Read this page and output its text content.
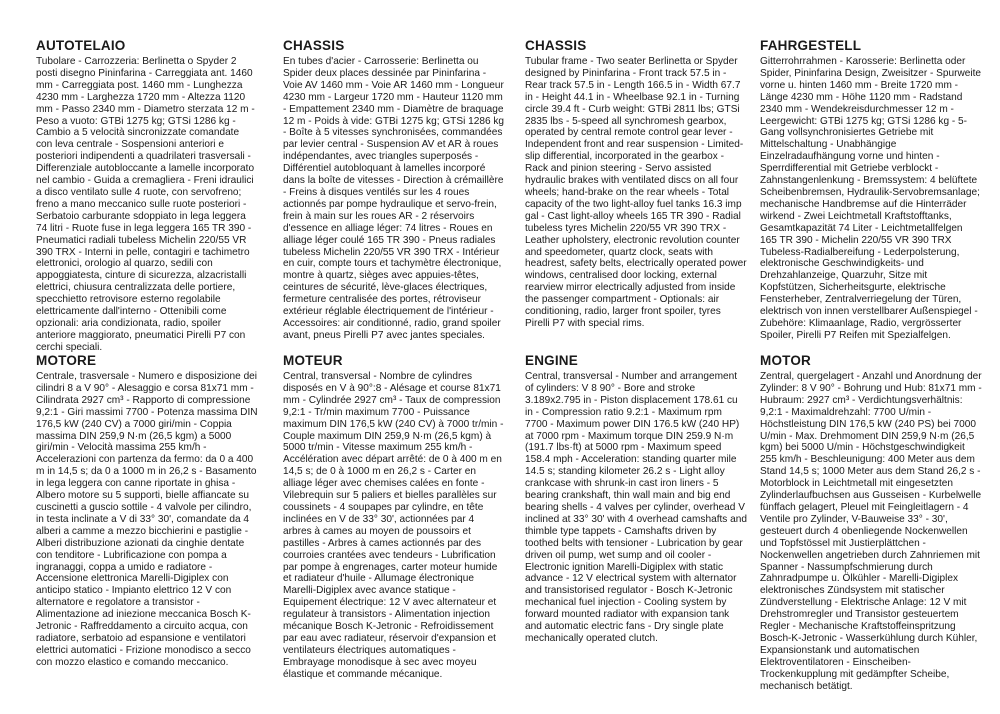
AUTOTELAIO

Tubolare - Carrozzeria: Berlinetta o Spyder 2 posti disegno Pininfarina - Carreggiata ant. 1460 mm - Carreggiata post. 1460 mm - Lunghezza 4230 mm - Larghezza 1720 mm - Altezza 1120 mm - Passo 2340 mm - Diametro sterzata 12 m - Peso a vuoto: GTBi 1275 kg; GTSi 1286 kg - Cambio a 5 velocità sincronizzate comandate con leva centrale - Sospensioni anteriori e posteriori indipendenti a quadrilateri trasversali - Differenziale autobloccante a lamelle incorporato nel cambio - Guida a cremagliera - Freni idraulici a disco ventilato sulle 4 ruote, con servofreno; freno a mano meccanico sulle ruote posteriori - Serbatoio carburante sdoppiato in lega leggera 74 litri - Ruote fuse in lega leggera 165 TR 390 - Pneumatici radiali tubeless Michelin 220/55 VR 390 TRX - Interni in pelle, contagiri e tachimetro elettronici, orologio al quarzo, sedili con appoggiatesta, cinture di sicurezza, alzacristalli elettrici, chiusura centralizzata delle portiere, specchietto retrovisore esterno regolabile elettricamente dall'interno - Ottenibili come opzionali: aria condizionata, radio, spoiler anteriore maggiorato, pneumatici Pirelli P7 con cerchi speciali.

CHASSIS

En tubes d'acier - Carrosserie: Berlinetta ou Spider deux places dessinée par Pininfarina - Voie AV 1460 mm - Voie AR 1460 mm - Longueur 4230 mm - Largeur 1720 mm - Hauteur 1120 mm - Empattement 2340 mm - Diamètre de braquage 12 m - Poids à vide: GTBi 1275 kg; GTSi 1286 kg - Boîte à 5 vitesses synchronisées, commandées par levier central - Suspension AV et AR à roues indépendantes, avec triangles superposés - Différentiel autobloquant à lamelles incorporé dans la boîte de vitesses - Direction à crémaillère - Freins à disques ventilés sur les 4 roues actionnés par pompe hydraulique et servo-frein, frein à main sur les roues AR - 2 réservoirs d'essence en alliage léger: 74 litres - Roues en alliage léger coulé 165 TR 390 - Pneus radiales tubeless Michelin 220/55 VR 390 TRX - Intérieur en cuir, compte tours et tachymètre électronique, montre à quartz, sièges avec appuies-têtes, ceintures de sécurité, lève-glaces électriques, fermeture centralisée des portes, rétroviseur extérieur réglable électriquement de l'intérieur - Accessoires: air conditionné, radio, grand spoiler avant, pneus Pirelli P7 avec jantes speciales.

CHASSIS

Tubular frame - Two seater Berlinetta or Spyder designed by Pininfarina - Front track 57.5 in - Rear track 57.5 in - Length 166.5 in - Width 67.7 in - Height 44.1 in - Wheelbase 92.1 in - Turning circle 39.4 ft - Curb weight: GTBi 2811 lbs; GTSi 2835 lbs - 5-speed all synchromesh gearbox, operated by central remote control gear lever - Independent front and rear suspension - Limited-slip differential, incorporated in the gearbox - Rack and pinion steering - Servo assisted hydraulic brakes with ventilated discs on all four wheels; hand-brake on the rear wheels - Total capacity of the two light-alloy fuel tanks 16.3 imp gal - Cast light-alloy wheels 165 TR 390 - Radial tubeless tyres Michelin 220/55 VR 390 TRX - Leather upholstery, electronic revolution counter and speedometer, quartz clock, seats with headrest, safety belts, electrically operated power windows, centralised door locking, external rearview mirror electrically adjusted from inside the passenger compartment - Optionals: air conditioning, radio, larger front spoiler, tyres Pirelli P7 with special rims.

FAHRGESTELL

Gitterrohrrahmen - Karosserie: Berlinetta oder Spider, Pininfarina Design, Zweisitzer - Spurweite vorne u. hinten 1460 mm - Breite 1720 mm - Länge 4230 mm - Höhe 1120 mm - Radstand 2340 mm - Wendekreisdurchmesser 12 m - Leergewicht: GTBi 1275 kg; GTSi 1286 kg - 5-Gang vollsynchronisiertes Getriebe mit Mittelschaltung - Unabhängige Einzelradaufhängung vorne und hinten - Sperrdifferential mit Getriebe verblockt - Zahnstangenlenkung - Bremssystem: 4 belüftete Scheibenbremsen, Hydraulik-Servobremsanlage; mechanische Handbremse auf die Hinterräder wirkend - Zwei Leichtmetall Kraftstofftanks, Gesamtkapazität 74 Liter - Leichtmetallfelgen 165 TR 390 - Michelin 220/55 VR 390 TRX Tubeless-Radialbereifung - Lederpolsterung, elektronische Geschwindigkeits- und Drehzahlanzeige, Quarzuhr, Sitze mit Kopfstützen, Sicherheitsgurte, elektrische Fensterheber, Zentralverriegelung der Türen, elektrisch von innen verstellbarer Außenspiegel - Zubehöre: Klimaanlage, Radio, vergrösserter Spoiler, Pirelli P7 Reifen mit Spezialfelgen.

MOTORE

Centrale, trasversale - Numero e disposizione dei cilindri 8 a V 90° - Alesaggio e corsa 81x71 mm - Cilindrata 2927 cm³ - Rapporto di compressione 9,2:1 - Giri massimi 7700 - Potenza massima DIN 176,5 kW (240 CV) a 7000 giri/min - Coppia massima DIN 259,9 N·m (26,5 kgm) a 5000 giri/min - Velocità massima 255 km/h - Accelerazioni con partenza da fermo: da 0 a 400 m in 14,5 s; da 0 a 1000 m in 26,2 s - Basamento in lega leggera con canne riportate in ghisa - Albero motore su 5 supporti, bielle affiancate su cuscinetti a guscio sottile - 4 valvole per cilindro, in testa inclinate a V di 33° 30', comandate da 4 alberi a camme a mezzo bicchierini e pastiglie - Alberi distribuzione azionati da cinghie dentate con tenditore - Lubrificazione con pompa a ingranaggi, coppa a umido e radiatore - Accensione elettronica Marelli-Digiplex con anticipo statico - Impianto elettrico 12 V con alternatore e regolatore a transistor - Alimentazione ad iniezione meccanica Bosch K-Jetronic - Raffreddamento a circuito acqua, con radiatore, serbatoio ad espansione e ventilatori elettrici automatici - Frizione monodisco a secco con mozzo elastico e comando meccanico.

MOTEUR

Central, transversal - Nombre de cylindres disposés en V à 90°:8 - Alésage et course 81x71 mm - Cylindrée 2927 cm³ - Taux de compression 9,2:1 - Tr/min maximum 7700 - Puissance maximum DIN 176,5 kW (240 CV) à 7000 tr/min - Couple maximum DIN 259,9 N·m (26,5 kgm) à 5000 tr/min - Vitesse maximum 255 km/h - Accélération avec départ arrêté: de 0 à 400 m en 14,5 s; de 0 à 1000 m en 26,2 s - Carter en alliage léger avec chemises calées en fonte - Vilebrequin sur 5 paliers et bielles parallèles sur coussinets - 4 soupapes par cylindre, en tête inclinées en V de 33° 30', actionnées par 4 arbres à cames au moyen de poussoirs et pastilles - Arbres à cames actionnés par des courroies crantées avec tendeurs - Lubrification par pompe à engrenages, carter moteur humide et radiateur d'huile - Allumage électronique Marelli-Digiplex avec avance statique - Equipement électrique: 12 V avec alternateur et regulateur à transistors - Alimentation injection mécanique Bosch K-Jetronic - Refroidissement par eau avec radiateur, réservoir d'expansion et ventilateurs électriques automatiques - Embrayage monodisque à sec avec moyeu élastique et commande mécanique.

ENGINE

Central, transversal - Number and arrangement of cylinders: V 8 90° - Bore and stroke 3.189x2.795 in - Piston displacement 178.61 cu in - Compression ratio 9.2:1 - Maximum rpm 7700 - Maximum power DIN 176.5 kW (240 HP) at 7000 rpm - Maximum torque DIN 259.9 N·m (191.7 lbs·ft) at 5000 rpm - Maximum speed 158.4 mph - Acceleration: standing quarter mile 14.5 s; standing kilometer 26.2 s - Light alloy crankcase with shrunk-in cast iron liners - 5 bearing crankshaft, thin wall main and big end bearing shells - 4 valves per cylinder, overhead V inclined at 33° 30' with 4 overhead camshafts and thimble type tappets - Camshafts driven by toothed belts with tensioner - Lubrication by gear driven oil pump, wet sump and oil cooler - Electronic ignition Marelli-Digiplex with static advance - 12 V electrical system with alternator and transistorised regulator - Bosch K-Jetronic mechanical fuel injection - Cooling system by forward mounted radiator with expansion tank and automatic electric fans - Dry single plate mechanically operated clutch.

MOTOR

Zentral, quergelagert - Anzahl und Anordnung der Zylinder: 8 V 90° - Bohrung und Hub: 81x71 mm - Hubraum: 2927 cm³ - Verdichtungsverhältnis: 9,2:1 - Maximaldrehzahl: 7700 U/min - Höchstleistung DIN 176,5 kW (240 PS) bei 7000 U/min - Max. Drehmoment DIN 259,9 N·m (26,5 kgm) bei 5000 U/min - Höchstgeschwindigkeit 255 km/h - Beschleunigung: 400 Meter aus dem Stand 14,5 s; 1000 Meter aus dem Stand 26,2 s - Motorblock in Leichtmetall mit eingesetzten Zylinderlaufbuchsen aus Gusseisen - Kurbelwelle fünffach gelagert, Pleuel mit Feingleitlagern - 4 Ventile pro Zylinder, V-Bauweise 33° - 30', gesteuert durch 4 obenliegende Nockenwellen und Topfstössel mit Justierplättchen - Nockenwellen angetrieben durch Zahnriemen mit Spanner - Nassumpfschmierung durch Zahnradpumpe u. Ölkühler - Marelli-Digiplex elektronisches Zündsystem mit statischer Zündverstellung - Elektrische Anlage: 12 V mit Drehstromregler und Transistor gesteuertem Regler - Mechanische Kraftstoffeinspritzung Bosch-K-Jetronic - Wasserkühlung durch Kühler, Expansionstank und automatischen Elektroventilatoren - Einscheiben-Trockenkupplung mit gedämpfter Scheibe, mechanisch betätigt.
